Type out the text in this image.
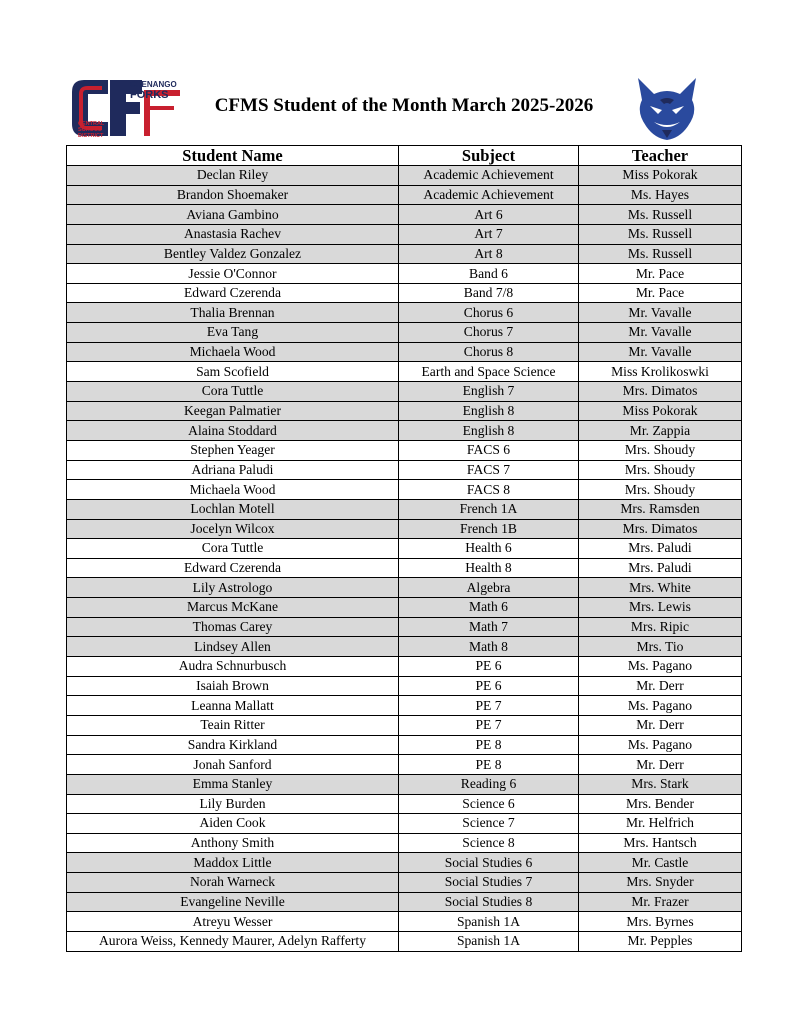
CHENANGO
FORKS
CENTRAL
SCHOOL
DISTRICT
CFMS Student of the Month March 2025-2026
Student Name	Subject	Teacher
Declan Riley	Academic Achievement	Miss Pokorak
Brandon Shoemaker	Academic Achievement	Ms. Hayes
Aviana Gambino	Art 6	Ms. Russell
Anastasia Rachev	Art 7	Ms. Russell
Bentley Valdez Gonzalez	Art 8	Ms. Russell
Jessie O'Connor	Band 6	Mr. Pace
Edward Czerenda	Band 7/8	Mr. Pace
Thalia Brennan	Chorus 6	Mr. Vavalle
Eva Tang	Chorus 7	Mr. Vavalle
Michaela Wood	Chorus 8	Mr. Vavalle
Sam Scofield	Earth and Space Science	Miss Krolikoswki
Cora Tuttle	English 7	Mrs. Dimatos
Keegan Palmatier	English 8	Miss Pokorak
Alaina Stoddard	English 8	Mr. Zappia
Stephen Yeager	FACS 6	Mrs. Shoudy
Adriana Paludi	FACS 7	Mrs. Shoudy
Michaela Wood	FACS 8	Mrs. Shoudy
Lochlan Motell	French 1A	Mrs. Ramsden
Jocelyn Wilcox	French 1B	Mrs. Dimatos
Cora Tuttle	Health 6	Mrs. Paludi
Edward Czerenda	Health 8	Mrs. Paludi
Lily Astrologo	Algebra	Mrs. White
Marcus McKane	Math 6	Mrs. Lewis
Thomas Carey	Math 7	Mrs. Ripic
Lindsey Allen	Math 8	Mrs. Tio
Audra Schnurbusch	PE 6	Ms. Pagano
Isaiah Brown	PE 6	Mr. Derr
Leanna Mallatt	PE 7	Ms. Pagano
Teain Ritter	PE 7	Mr. Derr
Sandra Kirkland	PE 8	Ms. Pagano
Jonah Sanford	PE 8	Mr. Derr
Emma Stanley	Reading 6	Mrs. Stark
Lily Burden	Science 6	Mrs. Bender
Aiden Cook	Science 7	Mr. Helfrich
Anthony Smith	Science 8	Mrs. Hantsch
Maddox Little	Social Studies 6	Mr. Castle
Norah Warneck	Social Studies 7	Mrs. Snyder
Evangeline Neville	Social Studies 8	Mr. Frazer
Atreyu Wesser	Spanish 1A	Mrs. Byrnes
Aurora Weiss, Kennedy Maurer, Adelyn Rafferty	Spanish 1A	Mr. Pepples
